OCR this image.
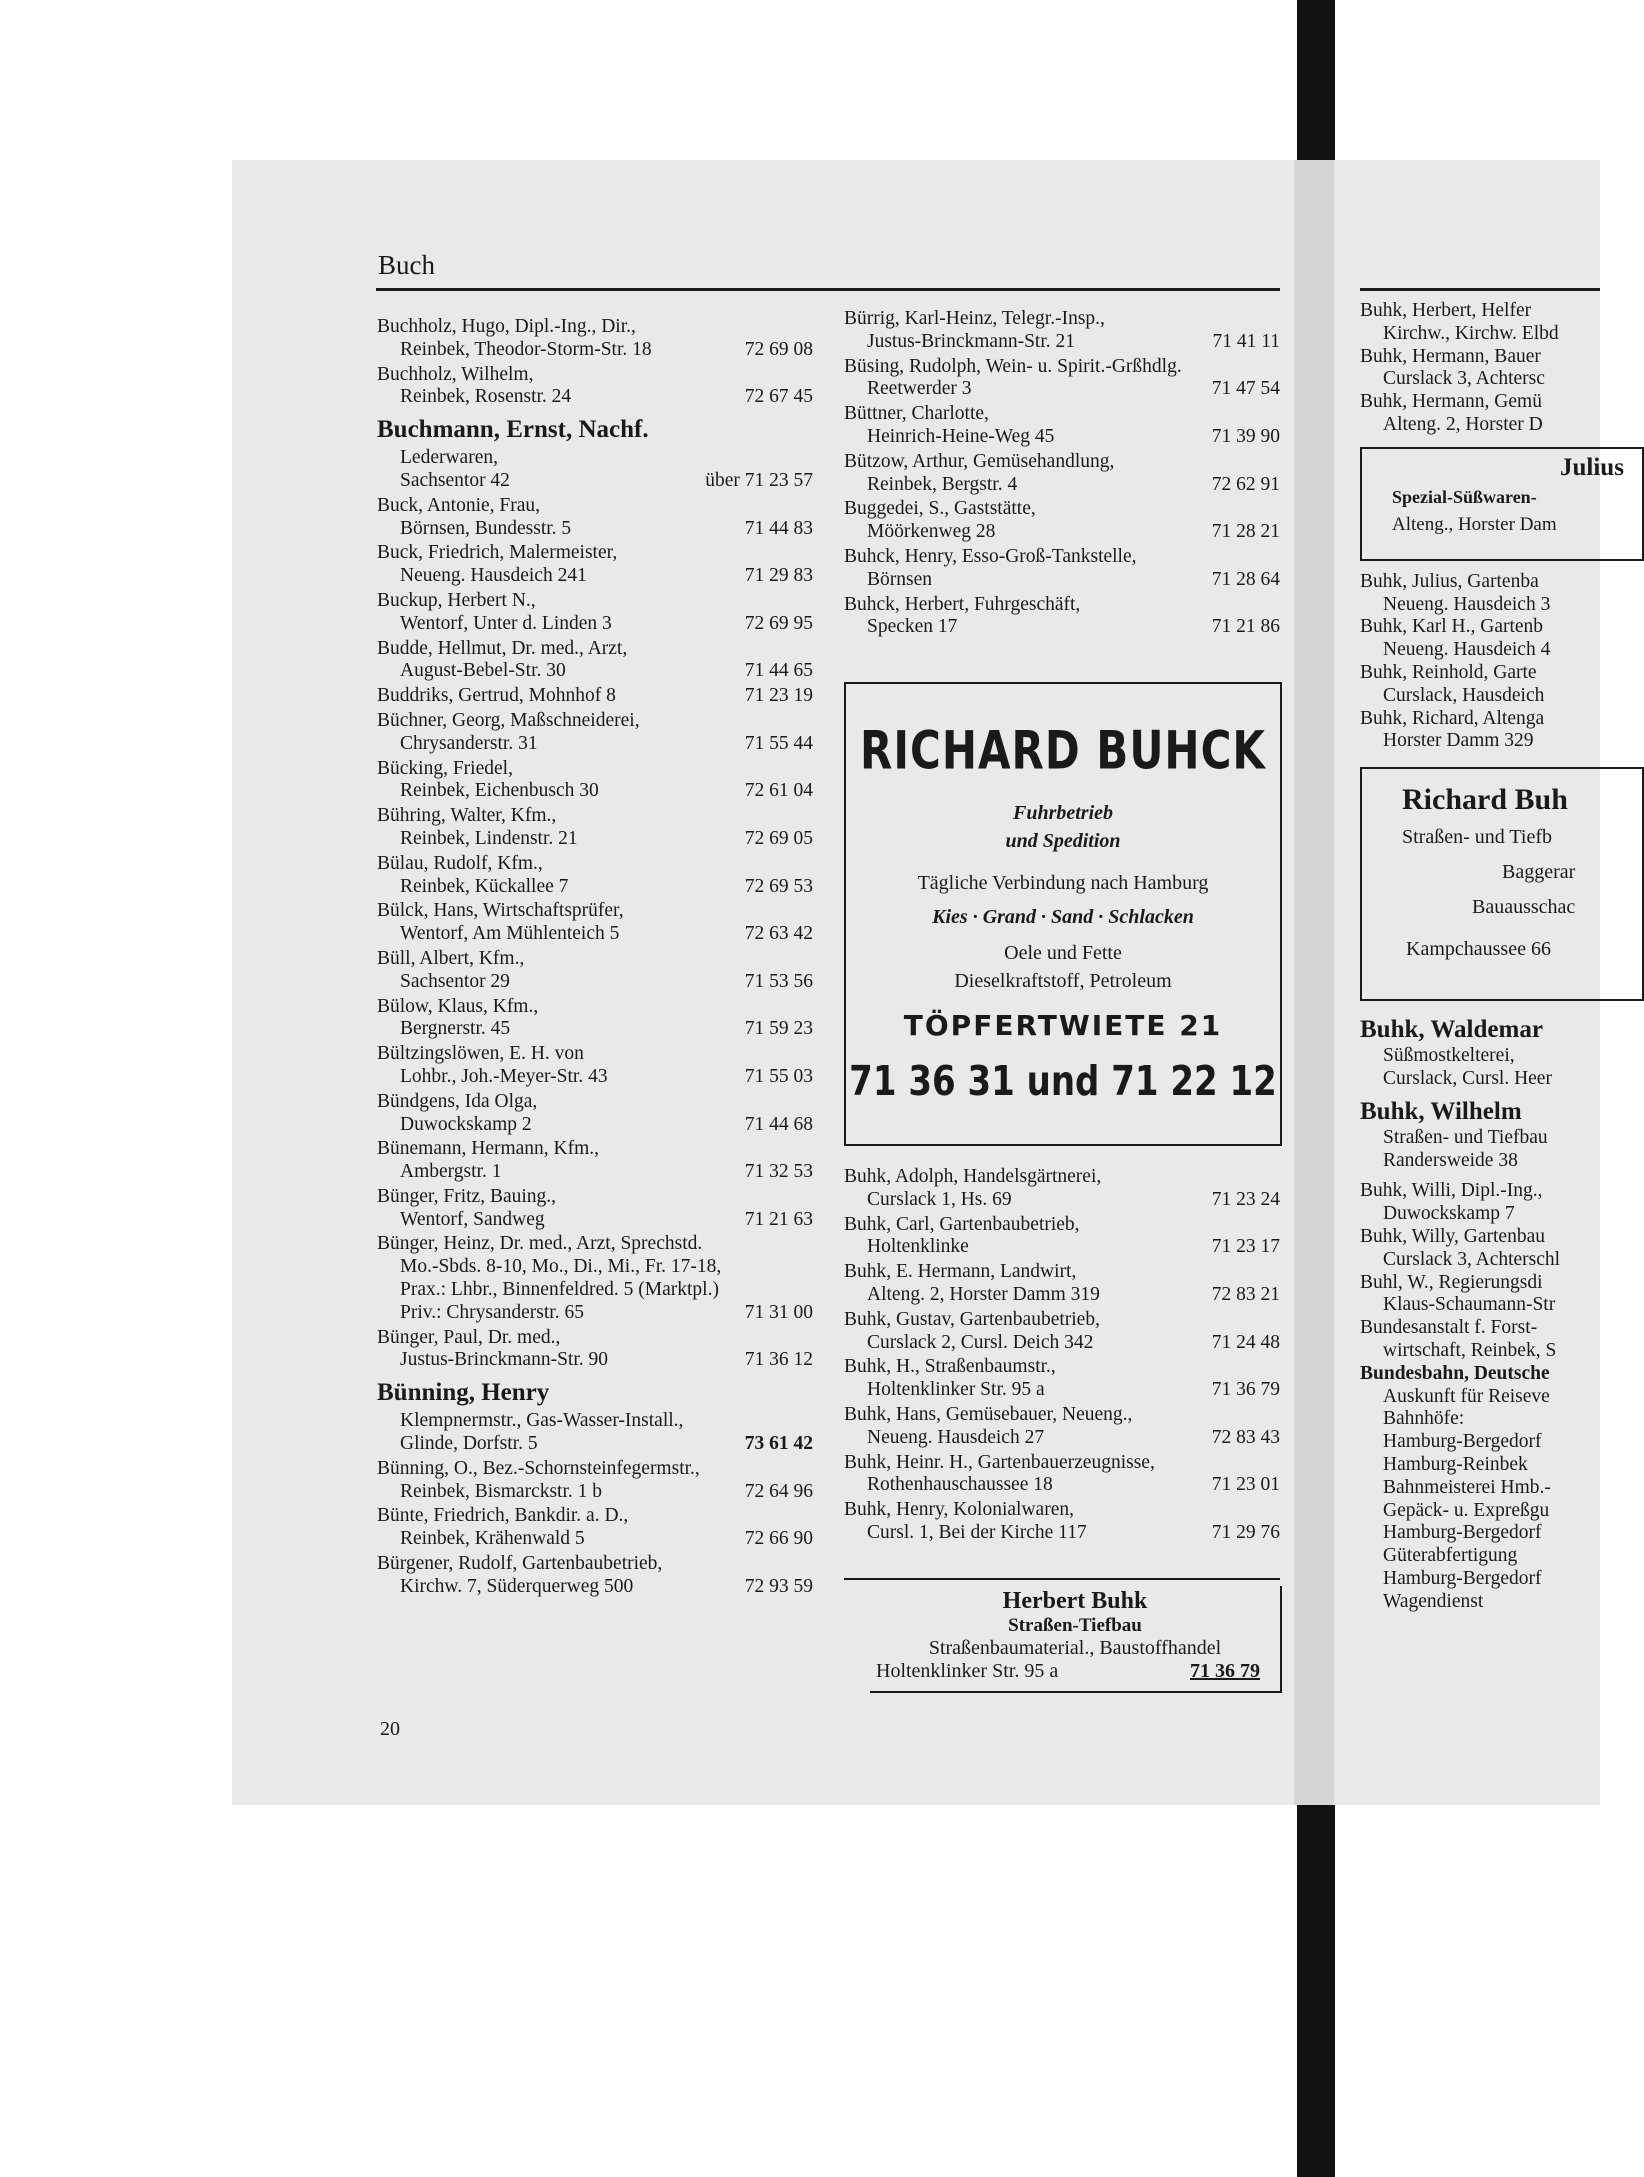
Buch
Buchholz, Hugo, Dipl.-Ing., Dir.,
Reinbek, Theodor-Storm-Str. 18	72 69 08
Buchholz, Wilhelm,
Reinbek, Rosenstr. 24	72 67 45
Buchmann, Ernst, Nachf.
Lederwaren,
Sachsentor 42	über 71 23 57
Buck, Antonie, Frau,
Börnsen, Bundesstr. 5	71 44 83
Buck, Friedrich, Malermeister,
Neueng. Hausdeich 241	71 29 83
Buckup, Herbert N.,
Wentorf, Unter d. Linden 3	72 69 95
Budde, Hellmut, Dr. med., Arzt,
August-Bebel-Str. 30	71 44 65
Buddriks, Gertrud, Mohnhof 8	71 23 19
Büchner, Georg, Maßschneiderei,
Chrysanderstr. 31	71 55 44
Bücking, Friedel,
Reinbek, Eichenbusch 30	72 61 04
Bühring, Walter, Kfm.,
Reinbek, Lindenstr. 21	72 69 05
Bülau, Rudolf, Kfm.,
Reinbek, Kückallee 7	72 69 53
Bülck, Hans, Wirtschaftsprüfer,
Wentorf, Am Mühlenteich 5	72 63 42
Büll, Albert, Kfm.,
Sachsentor 29	71 53 56
Bülow, Klaus, Kfm.,
Bergnerstr. 45	71 59 23
Bültzingslöwen, E. H. von
Lohbr., Joh.-Meyer-Str. 43	71 55 03
Bündgens, Ida Olga,
Duwockskamp 2	71 44 68
Bünemann, Hermann, Kfm.,
Ambergstr. 1	71 32 53
Bünger, Fritz, Bauing.,
Wentorf, Sandweg	71 21 63
Bünger, Heinz, Dr. med., Arzt, Sprechstd.
Mo.-Sbds. 8-10, Mo., Di., Mi., Fr. 17-18,
Prax.: Lhbr., Binnenfeldred. 5 (Marktpl.)
Priv.: Chrysanderstr. 65	71 31 00
Bünger, Paul, Dr. med.,
Justus-Brinckmann-Str. 90	71 36 12
Bünning, Henry
Klempnermstr., Gas-Wasser-Install.,
Glinde, Dorfstr. 5	73 61 42
Bünning, O., Bez.-Schornsteinfegermstr.,
Reinbek, Bismarckstr. 1 b	72 64 96
Bünte, Friedrich, Bankdir. a. D.,
Reinbek, Krähenwald 5	72 66 90
Bürgener, Rudolf, Gartenbaubetrieb,
Kirchw. 7, Süderquerweg 500	72 93 59
Bürrig, Karl-Heinz, Telegr.-Insp.,
Justus-Brinckmann-Str. 21	71 41 11
Büsing, Rudolph, Wein- u. Spirit.-Grßhdlg.
Reetwerder 3	71 47 54
Büttner, Charlotte,
Heinrich-Heine-Weg 45	71 39 90
Bützow, Arthur, Gemüsehandlung,
Reinbek, Bergstr. 4	72 62 91
Buggedei, S., Gaststätte,
Möörkenweg 28	71 28 21
Buhck, Henry, Esso-Groß-Tankstelle,
Börnsen	71 28 64
Buhck, Herbert, Fuhrgeschäft,
Specken 17	71 21 86
RICHARD BUHCK
Fuhrbetrieb
und Spedition
Tägliche Verbindung nach Hamburg
Kies · Grand · Sand · Schlacken
Oele und Fette
Dieselkraftstoff, Petroleum
TÖPFERTWIETE 21
71 36 31 und 71 22 12
Buhk, Adolph, Handelsgärtnerei,
Curslack 1, Hs. 69	71 23 24
Buhk, Carl, Gartenbaubetrieb,
Holtenklinke	71 23 17
Buhk, E. Hermann, Landwirt,
Alteng. 2, Horster Damm 319	72 83 21
Buhk, Gustav, Gartenbaubetrieb,
Curslack 2, Cursl. Deich 342	71 24 48
Buhk, H., Straßenbaumstr.,
Holtenklinker Str. 95 a	71 36 79
Buhk, Hans, Gemüsebauer, Neueng.,
Neueng. Hausdeich 27	72 83 43
Buhk, Heinr. H., Gartenbauerzeugnisse,
Rothenhauschaussee 18	71 23 01
Buhk, Henry, Kolonialwaren,
Cursl. 1, Bei der Kirche 117	71 29 76
Herbert Buhk
Straßen-Tiefbau
Straßenbaumaterial., Baustoffhandel
Holtenklinker Str. 95 a	71 36 79
Buhk, Herbert, Helfer
Kirchw., Kirchw. Elbd
Buhk, Hermann, Bauer
Curslack 3, Achtersc
Buhk, Hermann, Gemü
Alteng. 2, Horster D
Julius
Spezial-Süßwaren-
Alteng., Horster Dam
Buhk, Julius, Gartenba
Neueng. Hausdeich 3
Buhk, Karl H., Gartenb
Neueng. Hausdeich 4
Buhk, Reinhold, Garte
Curslack, Hausdeich
Buhk, Richard, Altenga
Horster Damm 329
Richard Buh
Straßen- und Tiefb
Baggerar
Bauausschac
Kampchaussee 66
Buhk, Waldemar
Süßmostkelterei,
Curslack, Cursl. Heer
Buhk, Wilhelm
Straßen- und Tiefbau
Randersweide 38
Buhk, Willi, Dipl.-Ing.,
Duwockskamp 7
Buhk, Willy, Gartenbau
Curslack 3, Achterschl
Buhl, W., Regierungsdi
Klaus-Schaumann-Str
Bundesanstalt f. Forst-
wirtschaft, Reinbek, S
Bundesbahn, Deutsche
Auskunft für Reiseve
Bahnhöfe:
Hamburg-Bergedorf
Hamburg-Reinbek
Bahnmeisterei Hmb.-
Gepäck- u. Expreßgu
Hamburg-Bergedorf
Güterabfertigung
Hamburg-Bergedorf
Wagendienst
20
